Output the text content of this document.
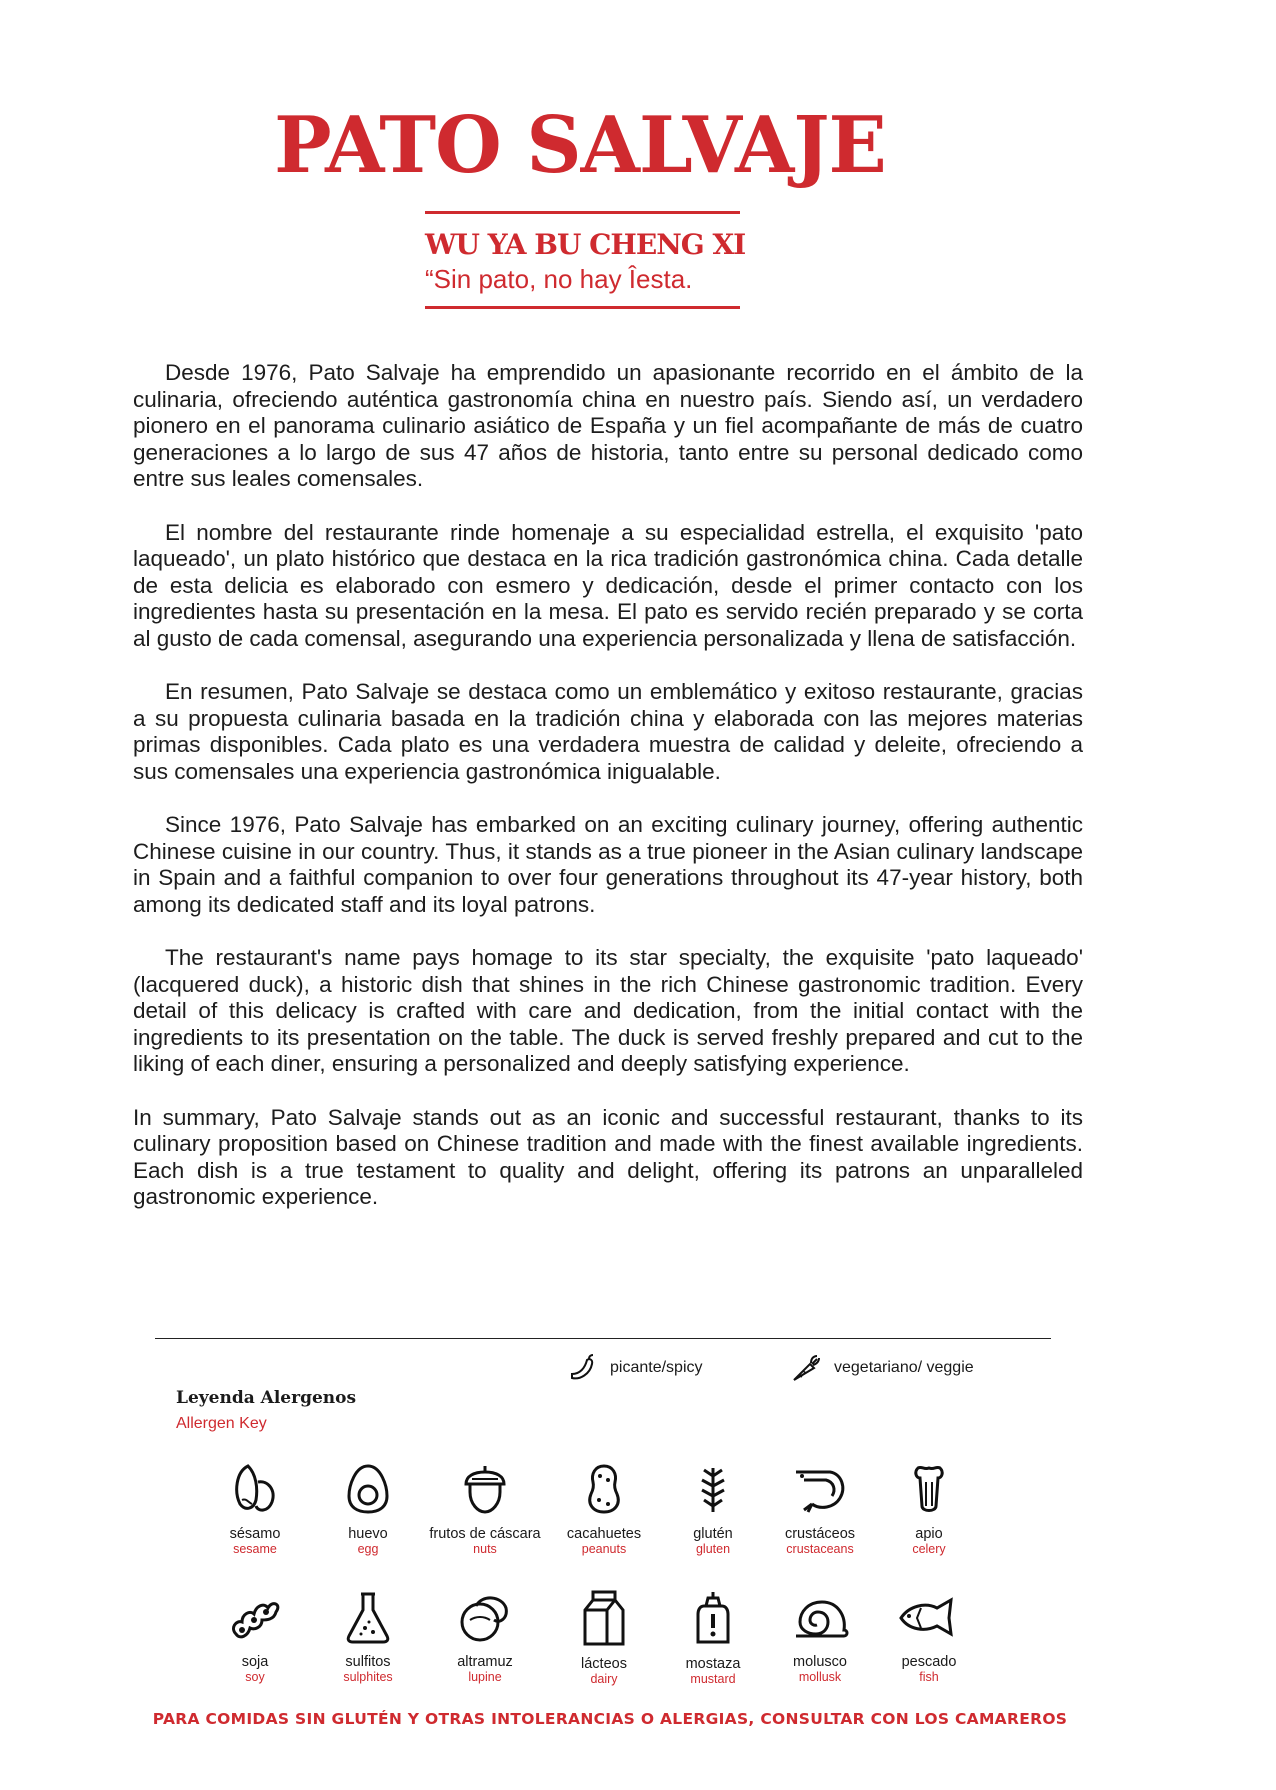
PATO SALVAJE
WU YA BU CHENG XI
“Sin pato, no hay Îesta.

Desde 1976, Pato Salvaje ha emprendido un apasionante recorrido en el ámbito de la culinaria, ofreciendo auténtica gastronomía china en nuestro país. Siendo así, un verdadero pionero en el panorama culinario asiático de España y un fiel acompañante de más de cuatro generaciones a lo largo de sus 47 años de historia, tanto entre su personal dedicado como entre sus leales comensales.

El nombre del restaurante rinde homenaje a su especialidad estrella, el exquisito 'pato laqueado', un plato histórico que destaca en la rica tradición gastronómica china. Cada detalle de esta delicia es elaborado con esmero y dedicación, desde el primer contacto con los ingredientes hasta su presentación en la mesa. El pato es servido recién preparado y se corta al gusto de cada comensal, asegurando una experiencia personalizada y llena de satisfacción.

En resumen, Pato Salvaje se destaca como un emblemático y exitoso restaurante, gracias a su propuesta culinaria basada en la tradición china y elaborada con las mejores materias primas disponibles. Cada plato es una verdadera muestra de calidad y deleite, ofreciendo a sus comensales una experiencia gastronómica inigualable.

Since 1976, Pato Salvaje has embarked on an exciting culinary journey, offering authentic Chinese cuisine in our country. Thus, it stands as a true pioneer in the Asian culinary landscape in Spain and a faithful companion to over four generations throughout its 47-year history, both among its dedicated staff and its loyal patrons.

The restaurant's name pays homage to its star specialty, the exquisite 'pato laqueado' (lacquered duck), a historic dish that shines in the rich Chinese gastronomic tradition. Every detail of this delicacy is crafted with care and dedication, from the initial contact with the ingredients to its presentation on the table. The duck is served freshly prepared and cut to the liking of each diner, ensuring a personalized and deeply satisfying experience.

In summary, Pato Salvaje stands out as an iconic and successful restaurant, thanks to its culinary proposition based on Chinese tradition and made with the finest available ingredients. Each dish is a true testament to quality and delight, offering its patrons an unparalleled gastronomic experience.

picante/spicy	vegetariano/ veggie
Leyenda Alergenos
Allergen Key
sésamo
sesame
huevo
egg
frutos de cáscara
nuts
cacahuetes
peanuts
glutén
gluten
crustáceos
crustaceans
apio
celery
soja
soy
sulfitos
sulphites
altramuz
lupine
lácteos
dairy
mostaza
mustard
molusco
mollusk
pescado
fish
PARA COMIDAS SIN GLUTÉN Y OTRAS INTOLERANCIAS O ALERGIAS, CONSULTAR CON LOS CAMAREROS
